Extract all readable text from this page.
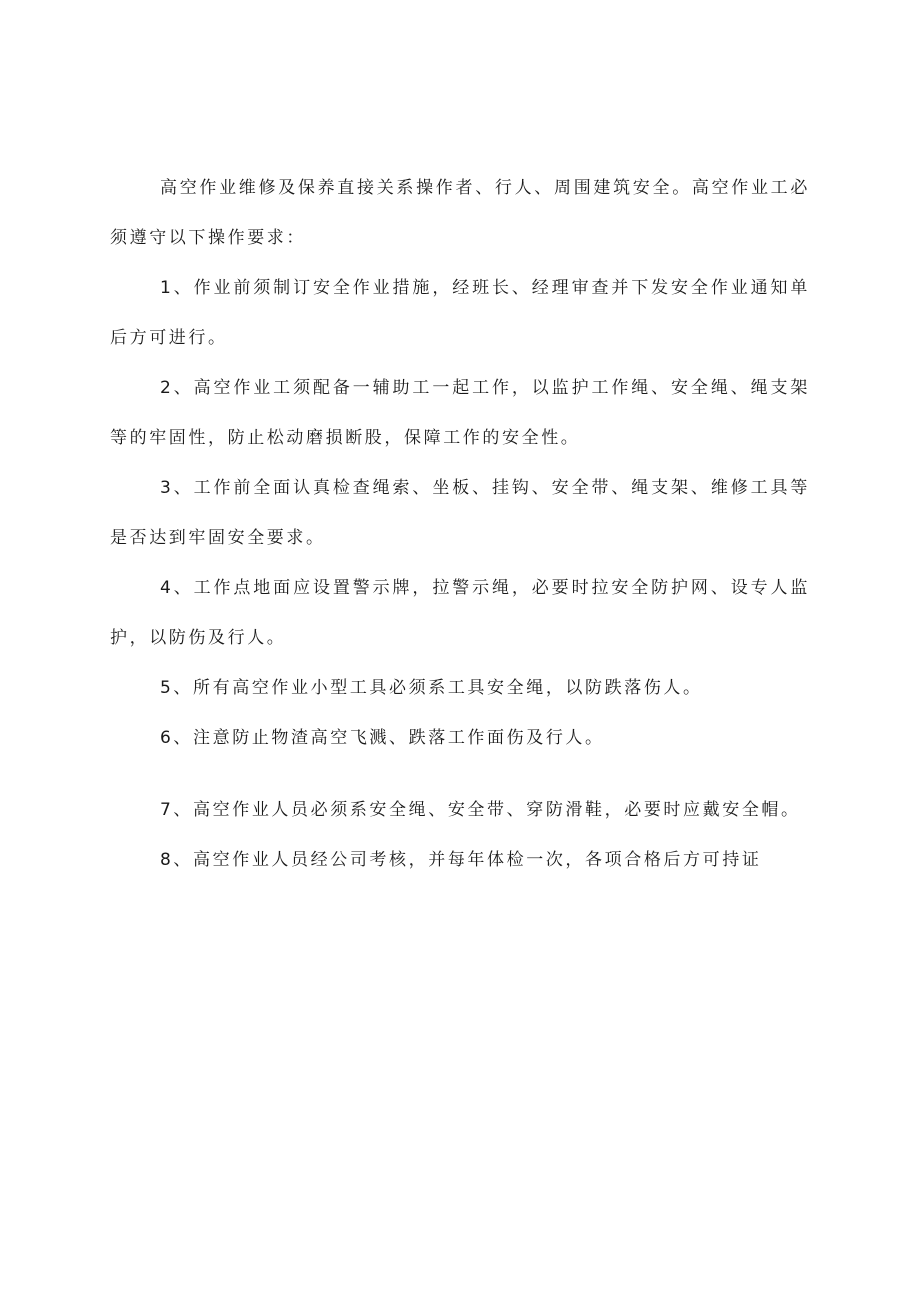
高空作业维修及保养直接关系操作者、行人、周围建筑安全。高空作业工必须遵守以下操作要求：

1、作业前须制订安全作业措施，经班长、经理审查并下发安全作业通知单后方可进行。

2、高空作业工须配备一辅助工一起工作，以监护工作绳、安全绳、绳支架等的牢固性，防止松动磨损断股，保障工作的安全性。

3、工作前全面认真检查绳索、坐板、挂钩、安全带、绳支架、维修工具等是否达到牢固安全要求。

4、工作点地面应设置警示牌，拉警示绳，必要时拉安全防护网、设专人监护，以防伤及行人。

5、所有高空作业小型工具必须系工具安全绳，以防跌落伤人。

6、注意防止物渣高空飞溅、跌落工作面伤及行人。

7、高空作业人员必须系安全绳、安全带、穿防滑鞋，必要时应戴安全帽。

8、高空作业人员经公司考核，并每年体检一次，各项合格后方可持证
